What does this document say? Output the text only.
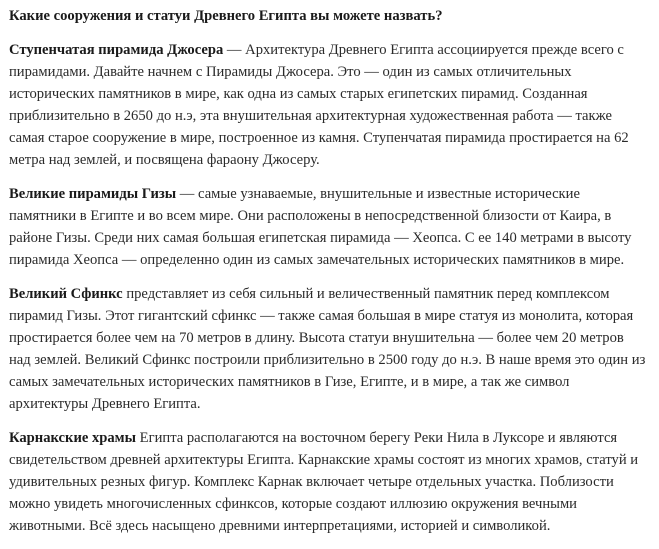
Какие сооружения и статуи Древнего Египта вы можете назвать?

Ступенчатая пирамида Джосера — Архитектура Древнего Египта ассоциируется прежде всего с пирамидами. Давайте начнем с Пирамиды Джосера. Это — один из самых отличительных исторических памятников в мире, как одна из самых старых египетских пирамид. Созданная приблизительно в 2650 до н.э, эта внушительная архитектурная художественная работа — также самая старое сооружение в мире, построенное из камня. Ступенчатая пирамида простирается на 62 метра над землей, и посвящена фараону Джосеру.

Великие пирамиды Гизы — самые узнаваемые, внушительные и известные исторические памятники в Египте и во всем мире. Они расположены в непосредственной близости от Каира, в районе Гизы. Среди них самая большая египетская пирамида — Хеопса. С ее 140 метрами в высоту пирамида Хеопса — определенно один из самых замечательных исторических памятников в мире.

Великий Сфинкс представляет из себя сильный и величественный памятник перед комплексом пирамид Гизы. Этот гигантский сфинкс — также самая большая в мире статуя из монолита, которая простирается более чем на 70 метров в длину. Высота статуи внушительна — более чем 20 метров над землей. Великий Сфинкс построили приблизительно в 2500 году до н.э. В наше время это один из самых замечательных исторических памятников в Гизе, Египте, и в мире, а так же символ архитектуры Древнего Египта.

Карнакские храмы Египта располагаются на восточном берегу Реки Нила в Луксоре и являются свидетельством древней архитектуры Египта. Карнакские храмы состоят из многих храмов, статуй и удивительных резных фигур. Комплекс Карнак включает четыре отдельных участка. Поблизости можно увидеть многочисленных сфинксов, которые создают иллюзию окружения вечными животными. Всё здесь насыщено древними интерпретациями, историей и символикой.
